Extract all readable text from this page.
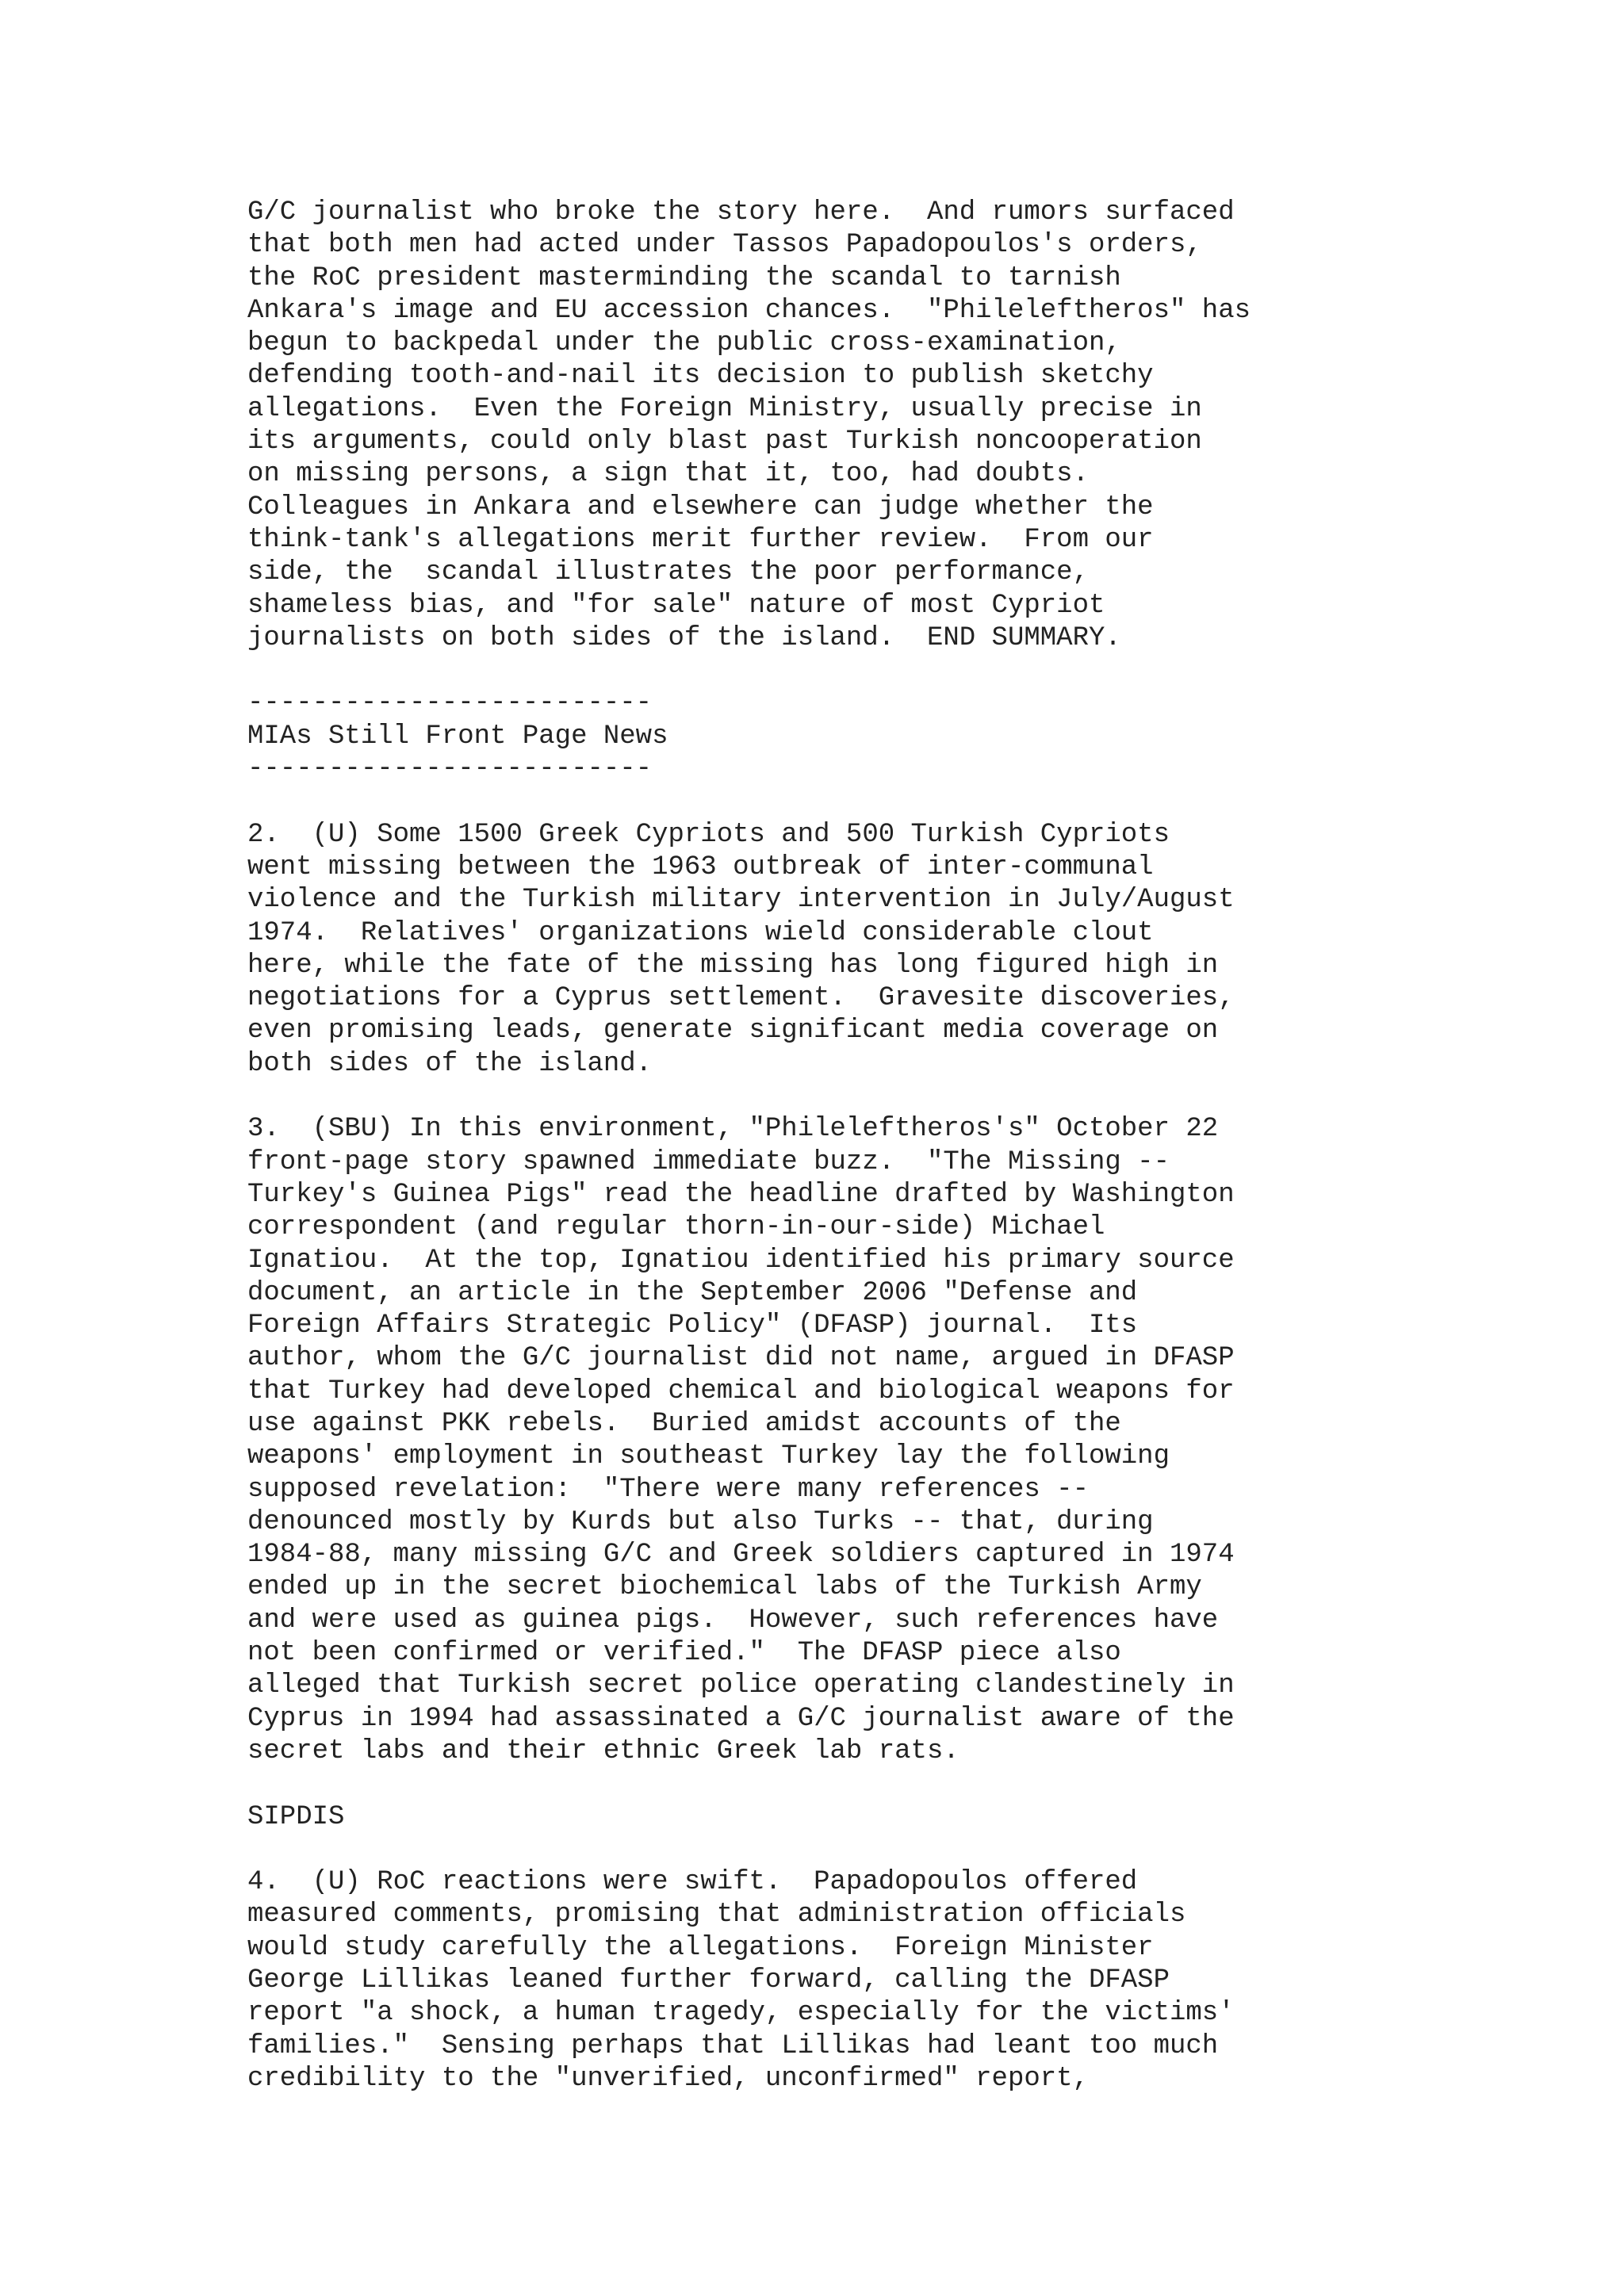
G/C journalist who broke the story here.  And rumors surfaced
that both men had acted under Tassos Papadopoulos's orders,
the RoC president masterminding the scandal to tarnish
Ankara's image and EU accession chances.  "Phileleftheros" has
begun to backpedal under the public cross-examination,
defending tooth-and-nail its decision to publish sketchy
allegations.  Even the Foreign Ministry, usually precise in
its arguments, could only blast past Turkish noncooperation
on missing persons, a sign that it, too, had doubts.
Colleagues in Ankara and elsewhere can judge whether the
think-tank's allegations merit further review.  From our
side, the  scandal illustrates the poor performance,
shameless bias, and "for sale" nature of most Cypriot
journalists on both sides of the island.  END SUMMARY.
-------------------------
MIAs Still Front Page News
-------------------------
2.  (U) Some 1500 Greek Cypriots and 500 Turkish Cypriots
went missing between the 1963 outbreak of inter-communal
violence and the Turkish military intervention in July/August
1974.  Relatives' organizations wield considerable clout
here, while the fate of the missing has long figured high in
negotiations for a Cyprus settlement.  Gravesite discoveries,
even promising leads, generate significant media coverage on
both sides of the island.
3.  (SBU) In this environment, "Phileleftheros's" October 22
front-page story spawned immediate buzz.  "The Missing --
Turkey's Guinea Pigs" read the headline drafted by Washington
correspondent (and regular thorn-in-our-side) Michael
Ignatiou.  At the top, Ignatiou identified his primary source
document, an article in the September 2006 "Defense and
Foreign Affairs Strategic Policy" (DFASP) journal.  Its
author, whom the G/C journalist did not name, argued in DFASP
that Turkey had developed chemical and biological weapons for
use against PKK rebels.  Buried amidst accounts of the
weapons' employment in southeast Turkey lay the following
supposed revelation:  "There were many references --
denounced mostly by Kurds but also Turks -- that, during
1984-88, many missing G/C and Greek soldiers captured in 1974
ended up in the secret biochemical labs of the Turkish Army
and were used as guinea pigs.  However, such references have
not been confirmed or verified."  The DFASP piece also
alleged that Turkish secret police operating clandestinely in
Cyprus in 1994 had assassinated a G/C journalist aware of the
secret labs and their ethnic Greek lab rats.
SIPDIS
4.  (U) RoC reactions were swift.  Papadopoulos offered
measured comments, promising that administration officials
would study carefully the allegations.  Foreign Minister
George Lillikas leaned further forward, calling the DFASP
report "a shock, a human tragedy, especially for the victims'
families."  Sensing perhaps that Lillikas had leant too much
credibility to the "unverified, unconfirmed" report,
